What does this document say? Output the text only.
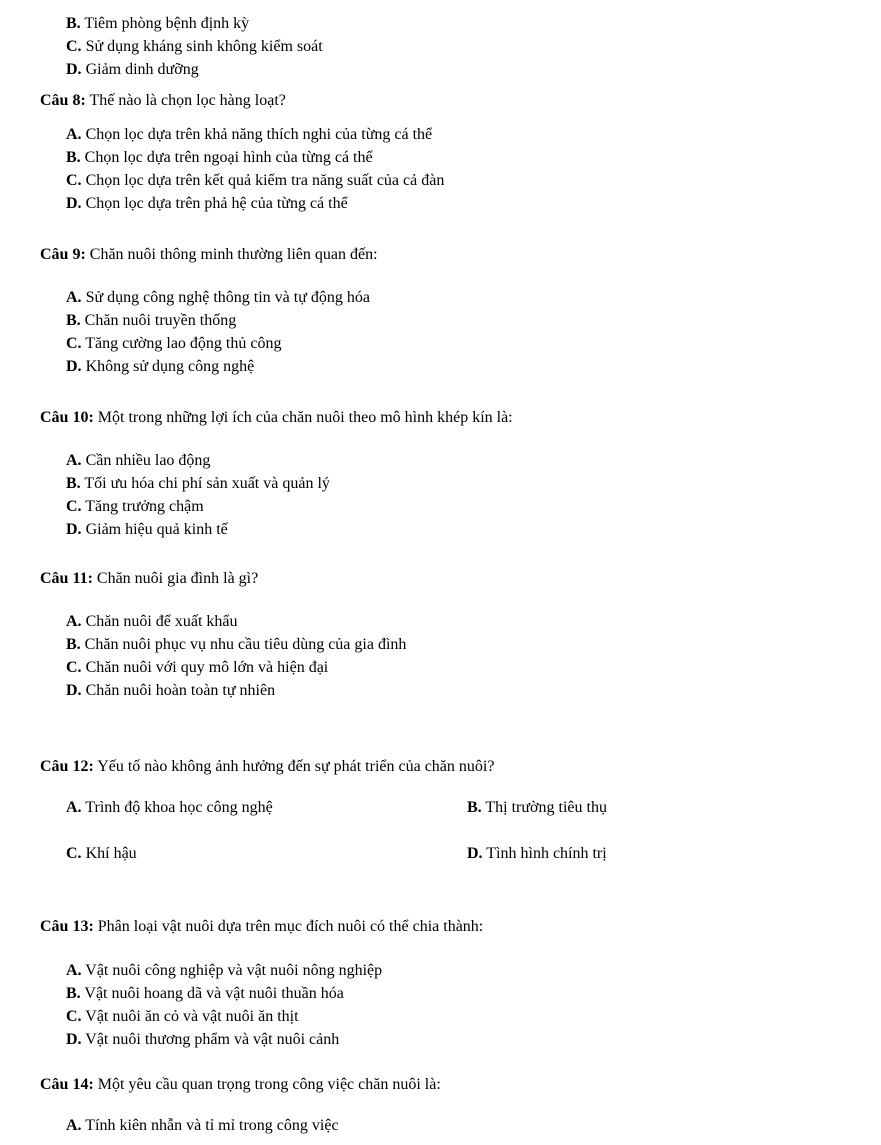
B. Tiêm phòng bệnh định kỳ
C. Sử dụng kháng sinh không kiểm soát
D. Giảm dinh dưỡng
Câu 8: Thế nào là chọn lọc hàng loạt?
A. Chọn lọc dựa trên khả năng thích nghi của từng cá thể
B. Chọn lọc dựa trên ngoại hình của từng cá thể
C. Chọn lọc dựa trên kết quả kiểm tra năng suất của cả đàn
D. Chọn lọc dựa trên phả hệ của từng cá thể
Câu 9: Chăn nuôi thông minh thường liên quan đến:
A. Sử dụng công nghệ thông tin và tự động hóa
B. Chăn nuôi truyền thống
C. Tăng cường lao động thủ công
D. Không sử dụng công nghệ
Câu 10: Một trong những lợi ích của chăn nuôi theo mô hình khép kín là:
A. Cần nhiều lao động
B. Tối ưu hóa chi phí sản xuất và quản lý
C. Tăng trưởng chậm
D. Giảm hiệu quả kinh tế
Câu 11: Chăn nuôi gia đình là gì?
A. Chăn nuôi để xuất khẩu
B. Chăn nuôi phục vụ nhu cầu tiêu dùng của gia đình
C. Chăn nuôi với quy mô lớn và hiện đại
D. Chăn nuôi hoàn toàn tự nhiên
Câu 12: Yếu tố nào không ảnh hưởng đến sự phát triển của chăn nuôi?
A. Trình độ khoa học công nghệ	B. Thị trường tiêu thụ
C. Khí hậu	D. Tình hình chính trị
Câu 13: Phân loại vật nuôi dựa trên mục đích nuôi có thể chia thành:
A. Vật nuôi công nghiệp và vật nuôi nông nghiệp
B. Vật nuôi hoang dã và vật nuôi thuần hóa
C. Vật nuôi ăn cỏ và vật nuôi ăn thịt
D. Vật nuôi thương phẩm và vật nuôi cảnh
Câu 14: Một yêu cầu quan trọng trong công việc chăn nuôi là:
A. Tính kiên nhẫn và tỉ mỉ trong công việc
